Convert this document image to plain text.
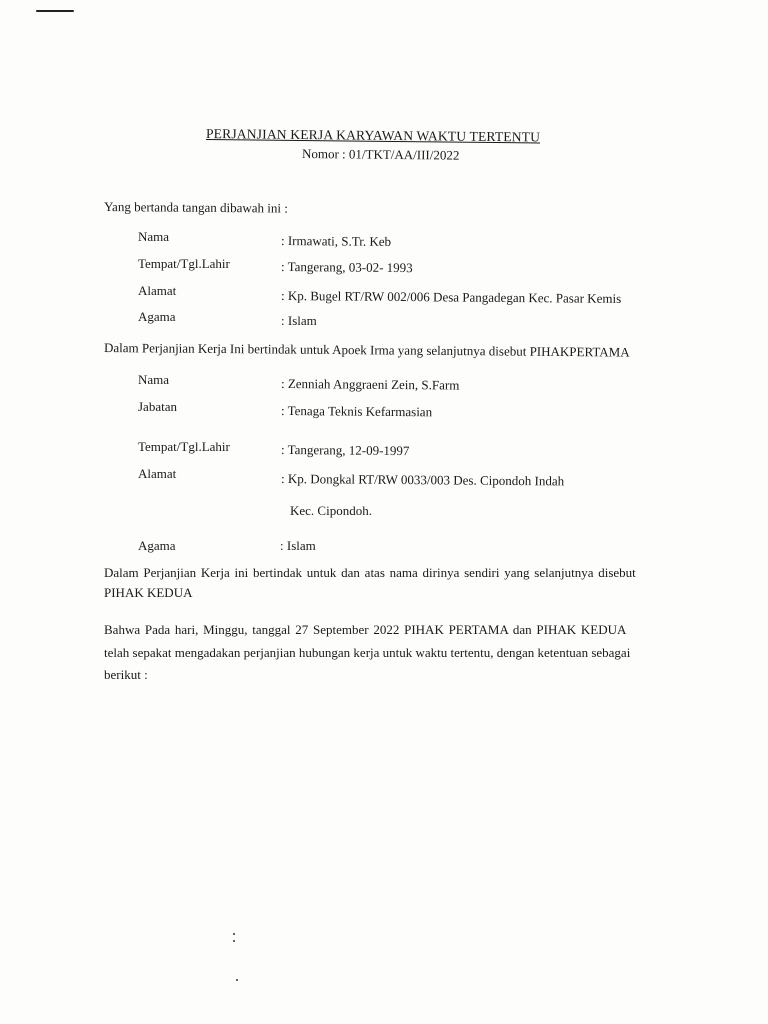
PERJANJIAN KERJA KARYAWAN WAKTU TERTENTU
Nomor : 01/TKT/AA/III/2022
Yang bertanda tangan dibawah ini :
Nama	: Irmawati, S.Tr. Keb
Tempat/Tgl.Lahir	: Tangerang, 03-02- 1993
Alamat	: Kp. Bugel RT/RW 002/006 Desa Pangadegan Kec. Pasar Kemis
Agama	: Islam
Dalam Perjanjian Kerja Ini bertindak untuk Apoek Irma yang selanjutnya disebut PIHAKPERTAMA
Nama	: Zenniah Anggraeni Zein, S.Farm
Jabatan	: Tenaga Teknis Kefarmasian
Tempat/Tgl.Lahir	: Tangerang, 12-09-1997
Alamat	: Kp. Dongkal RT/RW 0033/003 Des. Cipondoh Indah
Kec. Cipondoh.
Agama	: Islam
Dalam Perjanjian Kerja ini bertindak untuk dan atas nama dirinya sendiri yang selanjutnya disebut
PIHAK KEDUA
Bahwa Pada hari, Minggu, tanggal 27 September 2022 PIHAK PERTAMA dan PIHAK KEDUA
telah sepakat mengadakan perjanjian hubungan kerja untuk waktu tertentu, dengan ketentuan sebagai
berikut :
